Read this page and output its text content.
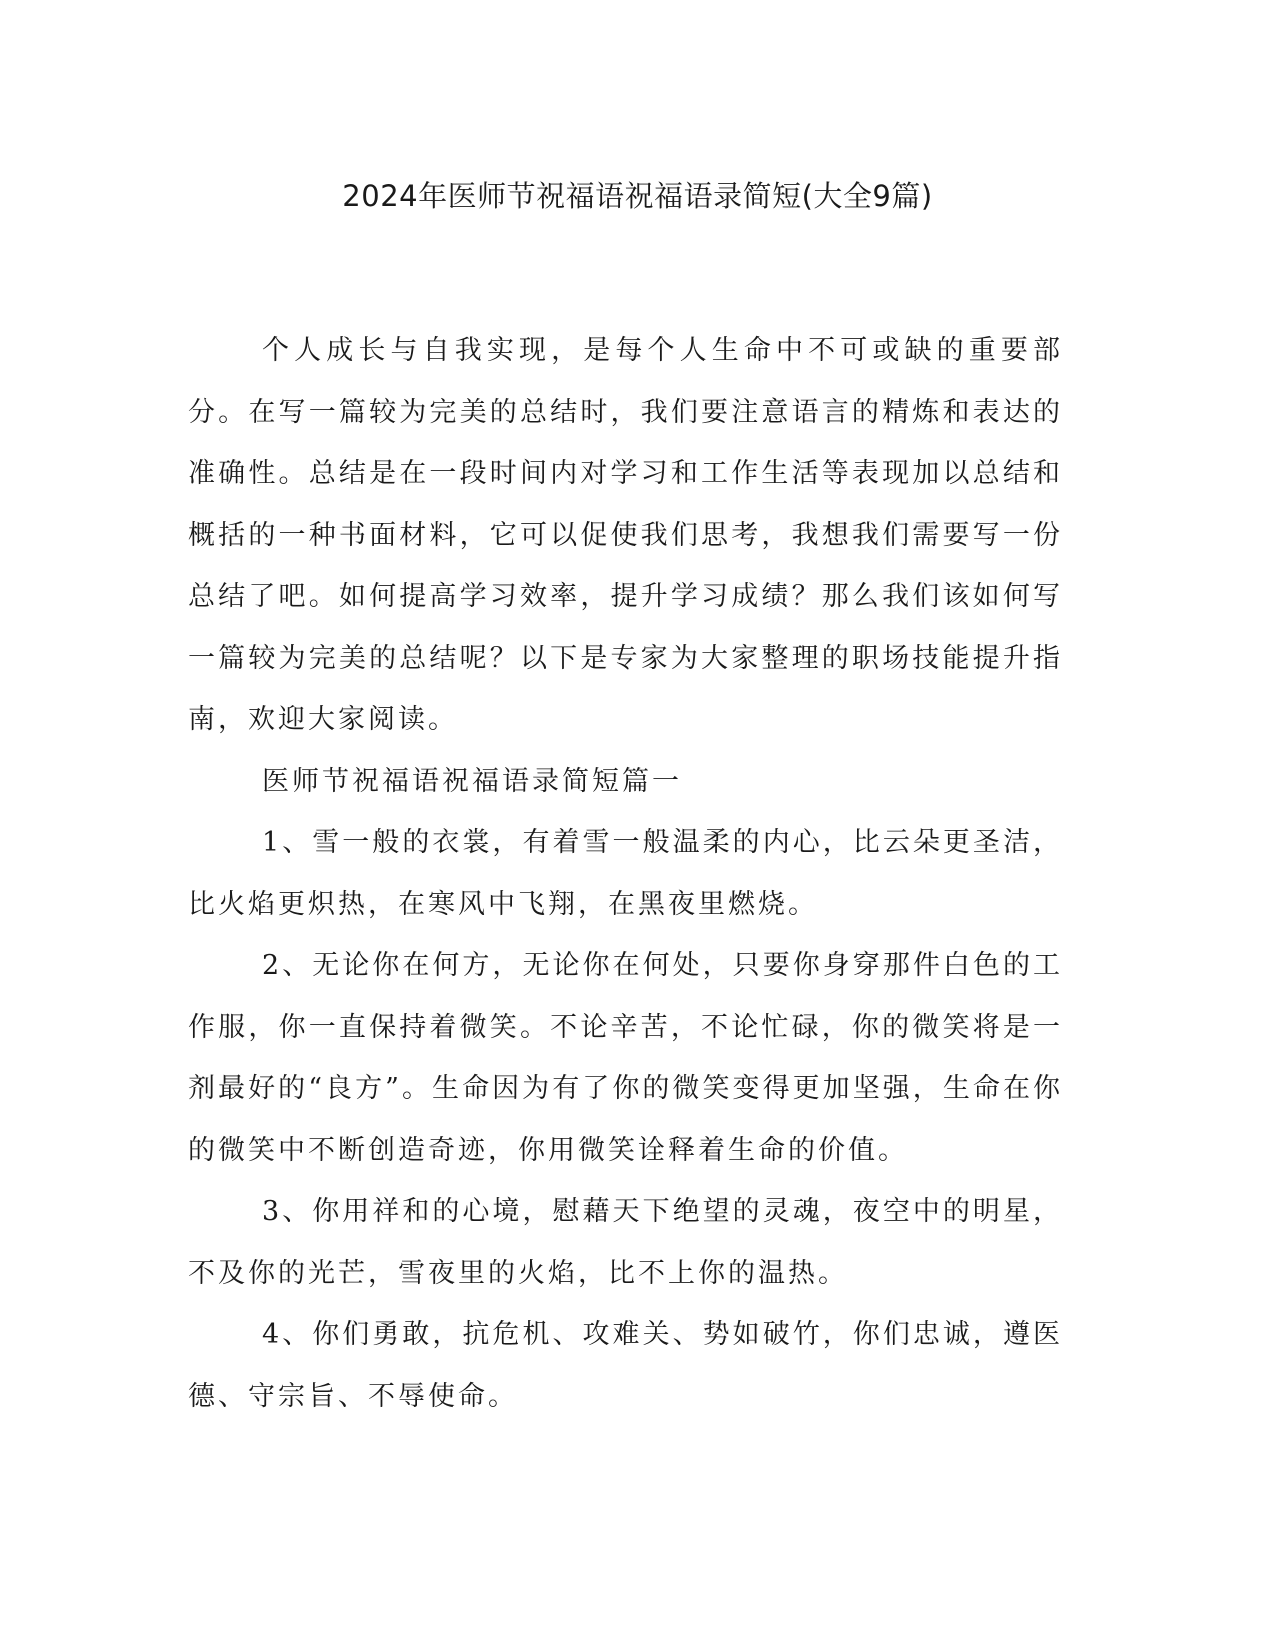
2024年医师节祝福语祝福语录简短(大全9篇)

个人成长与自我实现，是每个人生命中不可或缺的重要部分。在写一篇较为完美的总结时，我们要注意语言的精炼和表达的准确性。总结是在一段时间内对学习和工作生活等表现加以总结和概括的一种书面材料，它可以促使我们思考，我想我们需要写一份总结了吧。如何提高学习效率，提升学习成绩？那么我们该如何写一篇较为完美的总结呢？以下是专家为大家整理的职场技能提升指南，欢迎大家阅读。

医师节祝福语祝福语录简短篇一

1、雪一般的衣裳，有着雪一般温柔的内心，比云朵更圣洁，比火焰更炽热，在寒风中飞翔，在黑夜里燃烧。

2、无论你在何方，无论你在何处，只要你身穿那件白色的工作服，你一直保持着微笑。不论辛苦，不论忙碌，你的微笑将是一剂最好的“良方”。生命因为有了你的微笑变得更加坚强，生命在你的微笑中不断创造奇迹，你用微笑诠释着生命的价值。

3、你用祥和的心境，慰藉天下绝望的灵魂，夜空中的明星，不及你的光芒，雪夜里的火焰，比不上你的温热。

4、你们勇敢，抗危机、攻难关、势如破竹，你们忠诚，遵医德、守宗旨、不辱使命。
